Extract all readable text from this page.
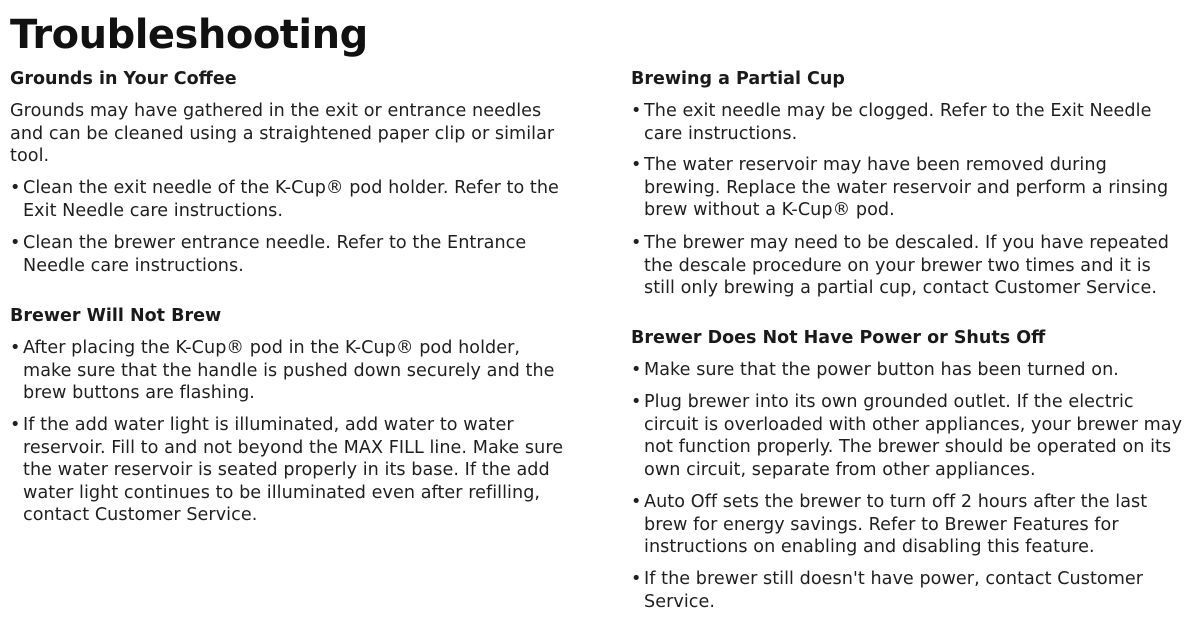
Troubleshooting
Grounds in Your Coffee
Grounds may have gathered in the exit or entrance needles and can be cleaned using a straightened paper clip or similar tool.
• Clean the exit needle of the K-Cup® pod holder. Refer to the Exit Needle care instructions.
• Clean the brewer entrance needle. Refer to the Entrance Needle care instructions.
Brewer Will Not Brew
• After placing the K-Cup® pod in the K-Cup® pod holder, make sure that the handle is pushed down securely and the brew buttons are flashing.
• If the add water light is illuminated, add water to water reservoir. Fill to and not beyond the MAX FILL line. Make sure the water reservoir is seated properly in its base. If the add water light continues to be illuminated even after refilling, contact Customer Service.
Brewing a Partial Cup
• The exit needle may be clogged. Refer to the Exit Needle care instructions.
• The water reservoir may have been removed during brewing. Replace the water reservoir and perform a rinsing brew without a K-Cup® pod.
• The brewer may need to be descaled. If you have repeated the descale procedure on your brewer two times and it is still only brewing a partial cup, contact Customer Service.
Brewer Does Not Have Power or Shuts Off
• Make sure that the power button has been turned on.
• Plug brewer into its own grounded outlet. If the electric circuit is overloaded with other appliances, your brewer may not function properly. The brewer should be operated on its own circuit, separate from other appliances.
• Auto Off sets the brewer to turn off 2 hours after the last brew for energy savings. Refer to Brewer Features for instructions on enabling and disabling this feature.
• If the brewer still doesn't have power, contact Customer Service.
